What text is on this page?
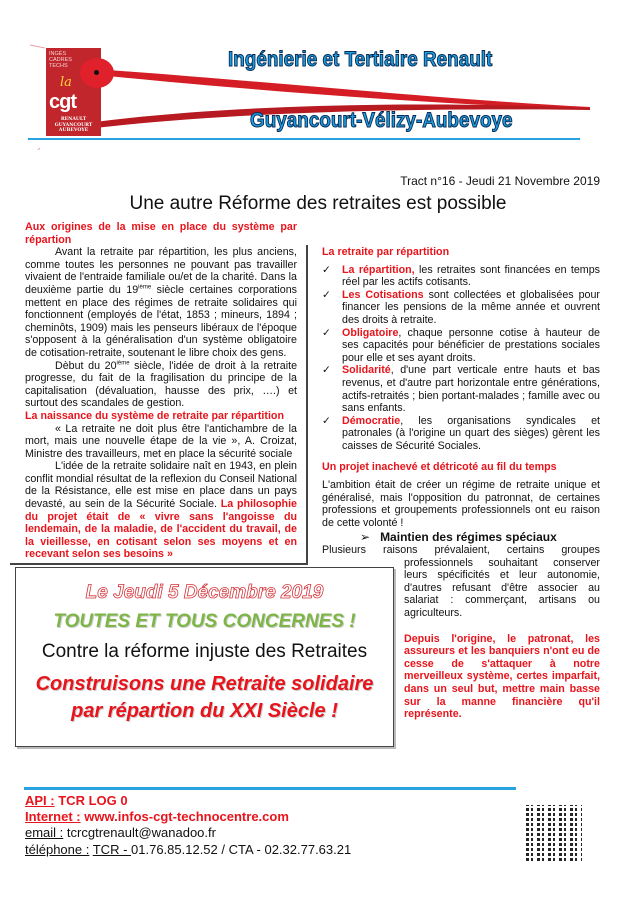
INGÉS CADRES TECHS
la
cgt
RENAULT GUYANCOURT AUBEVOYE
Ingénierie et Tertiaire Renault
Guyancourt-Vélizy-Aubevoye
Tract n°16 - Jeudi 21 Novembre 2019
Une autre Réforme des retraites est possible

Aux origines de la mise en place du système par répartion

Avant la retraite par répartition, les plus anciens, comme toutes les personnes ne pouvant pas travailler vivaient de l'entraide familiale ou/et de la charité. Dans la deuxième partie du 19ième siècle certaines corporations mettent en place des régimes de retraite solidaires qui fonctionnent (employés de l'état, 1853 ; mineurs, 1894 ; cheminôts, 1909) mais les penseurs libéraux de l'époque s'opposent à la généralisation d'un système obligatoire de cotisation-retraite, soutenant le libre choix des gens.

Dèbut du 20ième siècle, l'idée de droit à la retraite progresse, du fait de la fragilisation du principe de la capitalisation (dévaluation, hausse des prix, ….) et surtout des scandales de gestion.

La naissance du système de retraite par répartition

« La retraite ne doit plus être l'antichambre de la mort, mais une nouvelle étape de la vie », A. Croizat, Ministre des travailleurs, met en place la sécurité sociale

L'idée de la retraite solidaire naît en 1943, en plein conflit mondial résultat de la reflexion du Conseil National de la Résistance, elle est mise en place dans un pays devasté, au sein de la Sécurité Sociale. La philosophie du projet était de « vivre sans l'angoisse du lendemain, de la maladie, de l'accident du travail, de la vieillesse, en cotisant selon ses moyens et en recevant selon ses besoins »

La retraite par répartition

✓ La répartition, les retraites sont financées en temps réel par les actifs cotisants.
✓ Les Cotisations sont collectées et globalisées pour financer les pensions de la même année et ouvrent des droits à retraite.
✓ Obligatoire, chaque personne cotise à hauteur de ses capacités pour bénéficier de prestations sociales pour elle et ses ayant droits.
✓ Solidarité, d'une part verticale entre hauts et bas revenus, et d'autre part horizontale entre générations, actifs-retraités ; bien portant-malades ; famille avec ou sans enfants.
✓ Démocratie, les organisations syndicales et patronales (à l'origine un quart des sièges) gèrent les caisses de Sécurité Sociales.

Un projet inachevé et détricoté au fil du temps

L'ambition était de créer un régime de retraite unique et généralisé, mais l'opposition du patronnat, de certaines professions et groupements professionnels ont eu raison de cette volonté !

➢ Maintien des régimes spéciaux

Plusieurs raisons prévalaient, certains groupes

professionnels souhaitant conserver leurs spécificités et leur autonomie, d'autres refusant d'être associer au salariat : commerçant, artisans ou agriculteurs.

Depuis l'origine, le patronat, les assureurs et les banquiers n'ont eu de cesse de s'attaquer à notre merveilleux système, certes imparfait, dans un seul but, mettre main basse sur la manne financière qu'il représente.

Le Jeudi 5 Décembre 2019
TOUTES ET TOUS CONCERNES !
Contre la réforme injuste des Retraites
Construisons une Retraite solidaire
par répartion du XXI Siècle !
API : TCR LOG 0
Internet : www.infos-cgt-technocentre.com
email : tcrcgtrenault@wanadoo.fr
téléphone : TCR - 01.76.85.12.52 / CTA - 02.32.77.63.21
